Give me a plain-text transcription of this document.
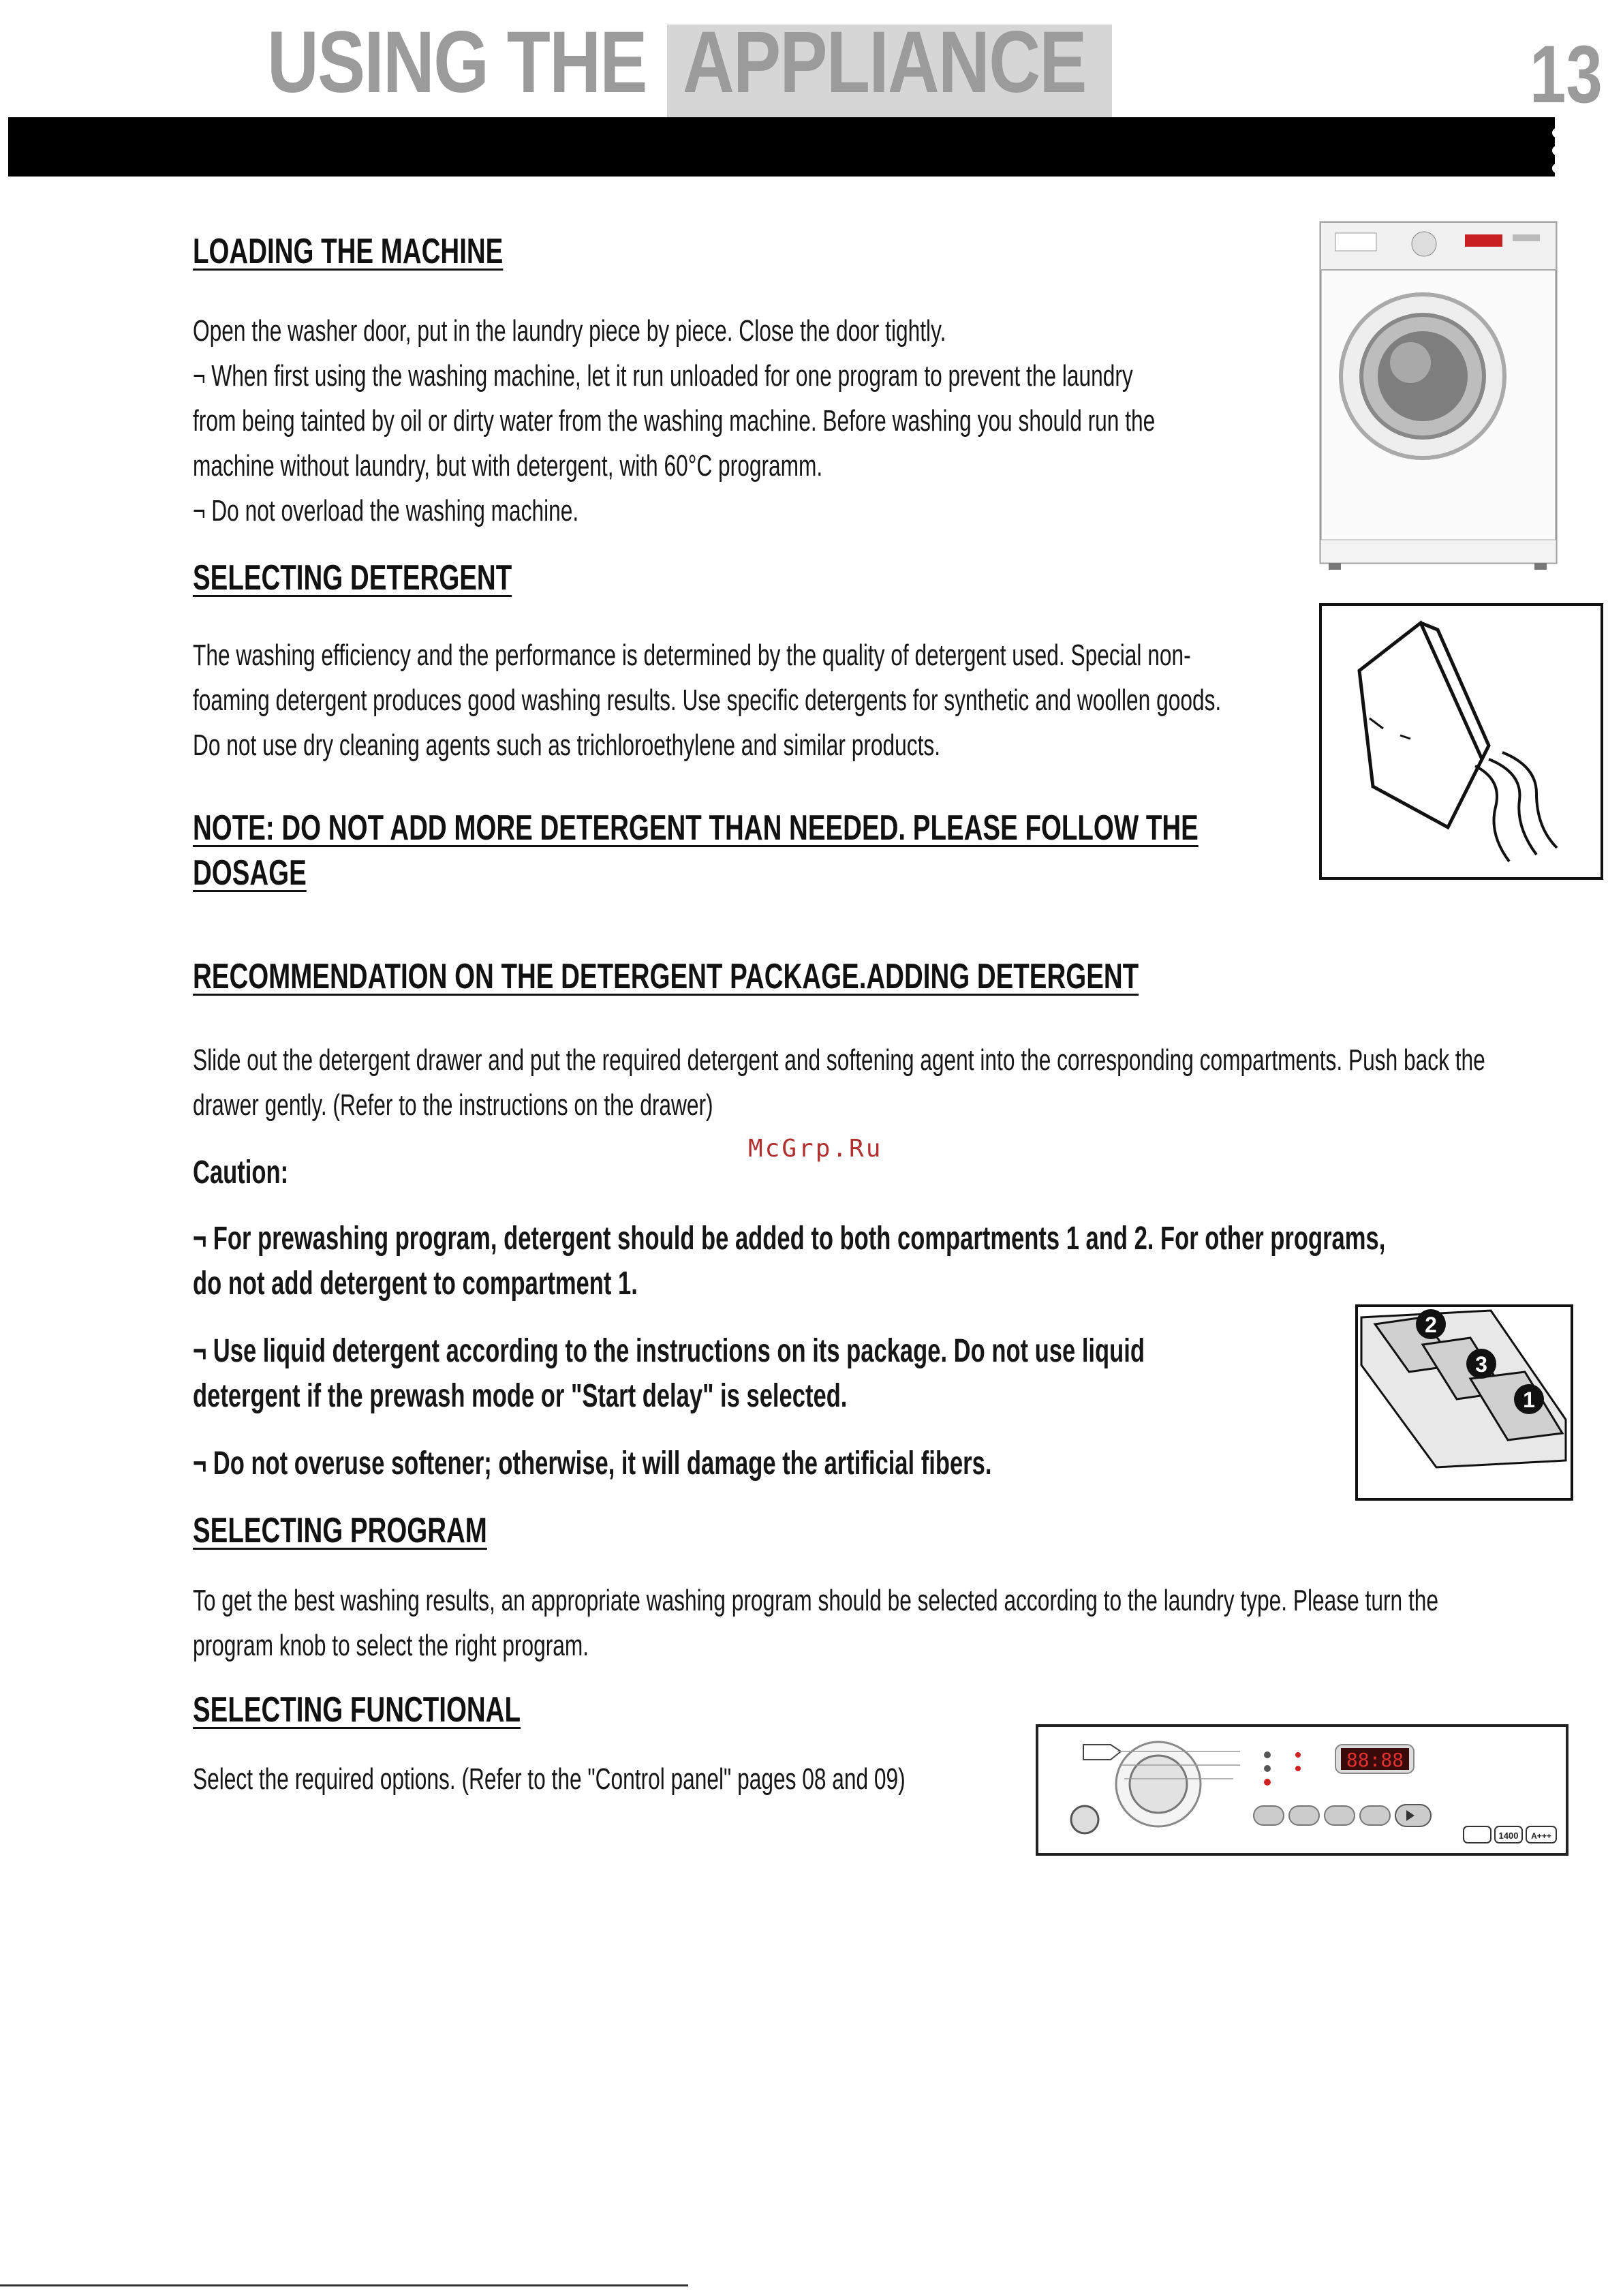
USING THE APPLIANCE	13
LOADING THE MACHINE
Open the washer door, put in the laundry piece by piece. Close the door tightly.
¬ When first using the washing machine, let it run unloaded for one program to prevent the laundry
from being tainted by oil or dirty water from the washing machine. Before washing you should run the
machine without laundry, but with detergent, with 60°C programm.
¬ Do not overload the washing machine.
SELECTING DETERGENT
The washing efficiency and the performance is determined by the quality of detergent used. Special non-
foaming detergent produces good washing results. Use specific detergents for synthetic and woollen goods.
Do not use dry cleaning agents such as trichloroethylene and similar products.
NOTE: DO NOT ADD MORE DETERGENT THAN NEEDED. PLEASE FOLLOW THE
DOSAGE
RECOMMENDATION ON THE DETERGENT PACKAGE.ADDING DETERGENT
Slide out the detergent drawer and put the required detergent and softening agent into the corresponding compartments. Push back the
drawer gently. (Refer to the instructions on the drawer)
Caution:
McGrp.Ru
¬ For prewashing program, detergent should be added to both compartments 1 and 2. For other programs,
do not add detergent to compartment 1.
¬ Use liquid detergent according to the instructions on its package. Do not use liquid
detergent if the prewash mode or "Start delay" is selected.
¬ Do not overuse softener; otherwise, it will damage the artificial fibers.
2
3
1
SELECTING PROGRAM
To get the best washing results, an appropriate washing program should be selected according to the laundry type. Please turn the
program knob to select the right program.
SELECTING FUNCTIONAL
Select the required options. (Refer to the "Control panel" pages 08 and 09)
88:88
1400 A+++
